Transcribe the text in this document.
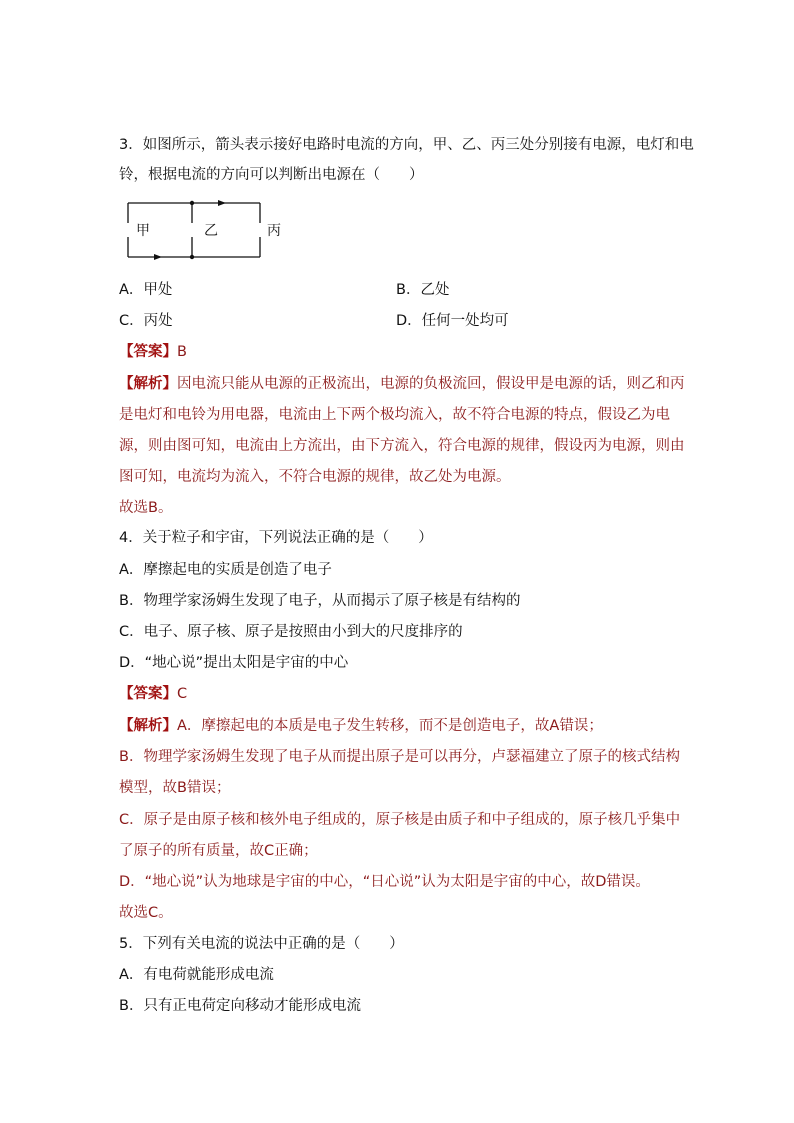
3．如图所示，箭头表示接好电路时电流的方向，甲、乙、丙三处分别接有电源，电灯和电
铃，根据电流的方向可以判断出电源在（　　）
甲	乙	丙
A．甲处	B．乙处
C．丙处	D．任何一处均可
【答案】B
【解析】因电流只能从电源的正极流出，电源的负极流回，假设甲是电源的话，则乙和丙
是电灯和电铃为用电器，电流由上下两个极均流入，故不符合电源的特点，假设乙为电
源，则由图可知，电流由上方流出，由下方流入，符合电源的规律，假设丙为电源，则由
图可知，电流均为流入，不符合电源的规律，故乙处为电源。
故选B。
4．关于粒子和宇宙，下列说法正确的是（　　）
A．摩擦起电的实质是创造了电子
B．物理学家汤姆生发现了电子，从而揭示了原子核是有结构的
C．电子、原子核、原子是按照由小到大的尺度排序的
D．“地心说”提出太阳是宇宙的中心
【答案】C
【解析】A．摩擦起电的本质是电子发生转移，而不是创造电子，故A错误；
B．物理学家汤姆生发现了电子从而提出原子是可以再分，卢瑟福建立了原子的核式结构
模型，故B错误；
C．原子是由原子核和核外电子组成的，原子核是由质子和中子组成的，原子核几乎集中
了原子的所有质量，故C正确；
D．“地心说”认为地球是宇宙的中心，“日心说”认为太阳是宇宙的中心，故D错误。
故选C。
5．下列有关电流的说法中正确的是（　　）
A．有电荷就能形成电流
B．只有正电荷定向移动才能形成电流
